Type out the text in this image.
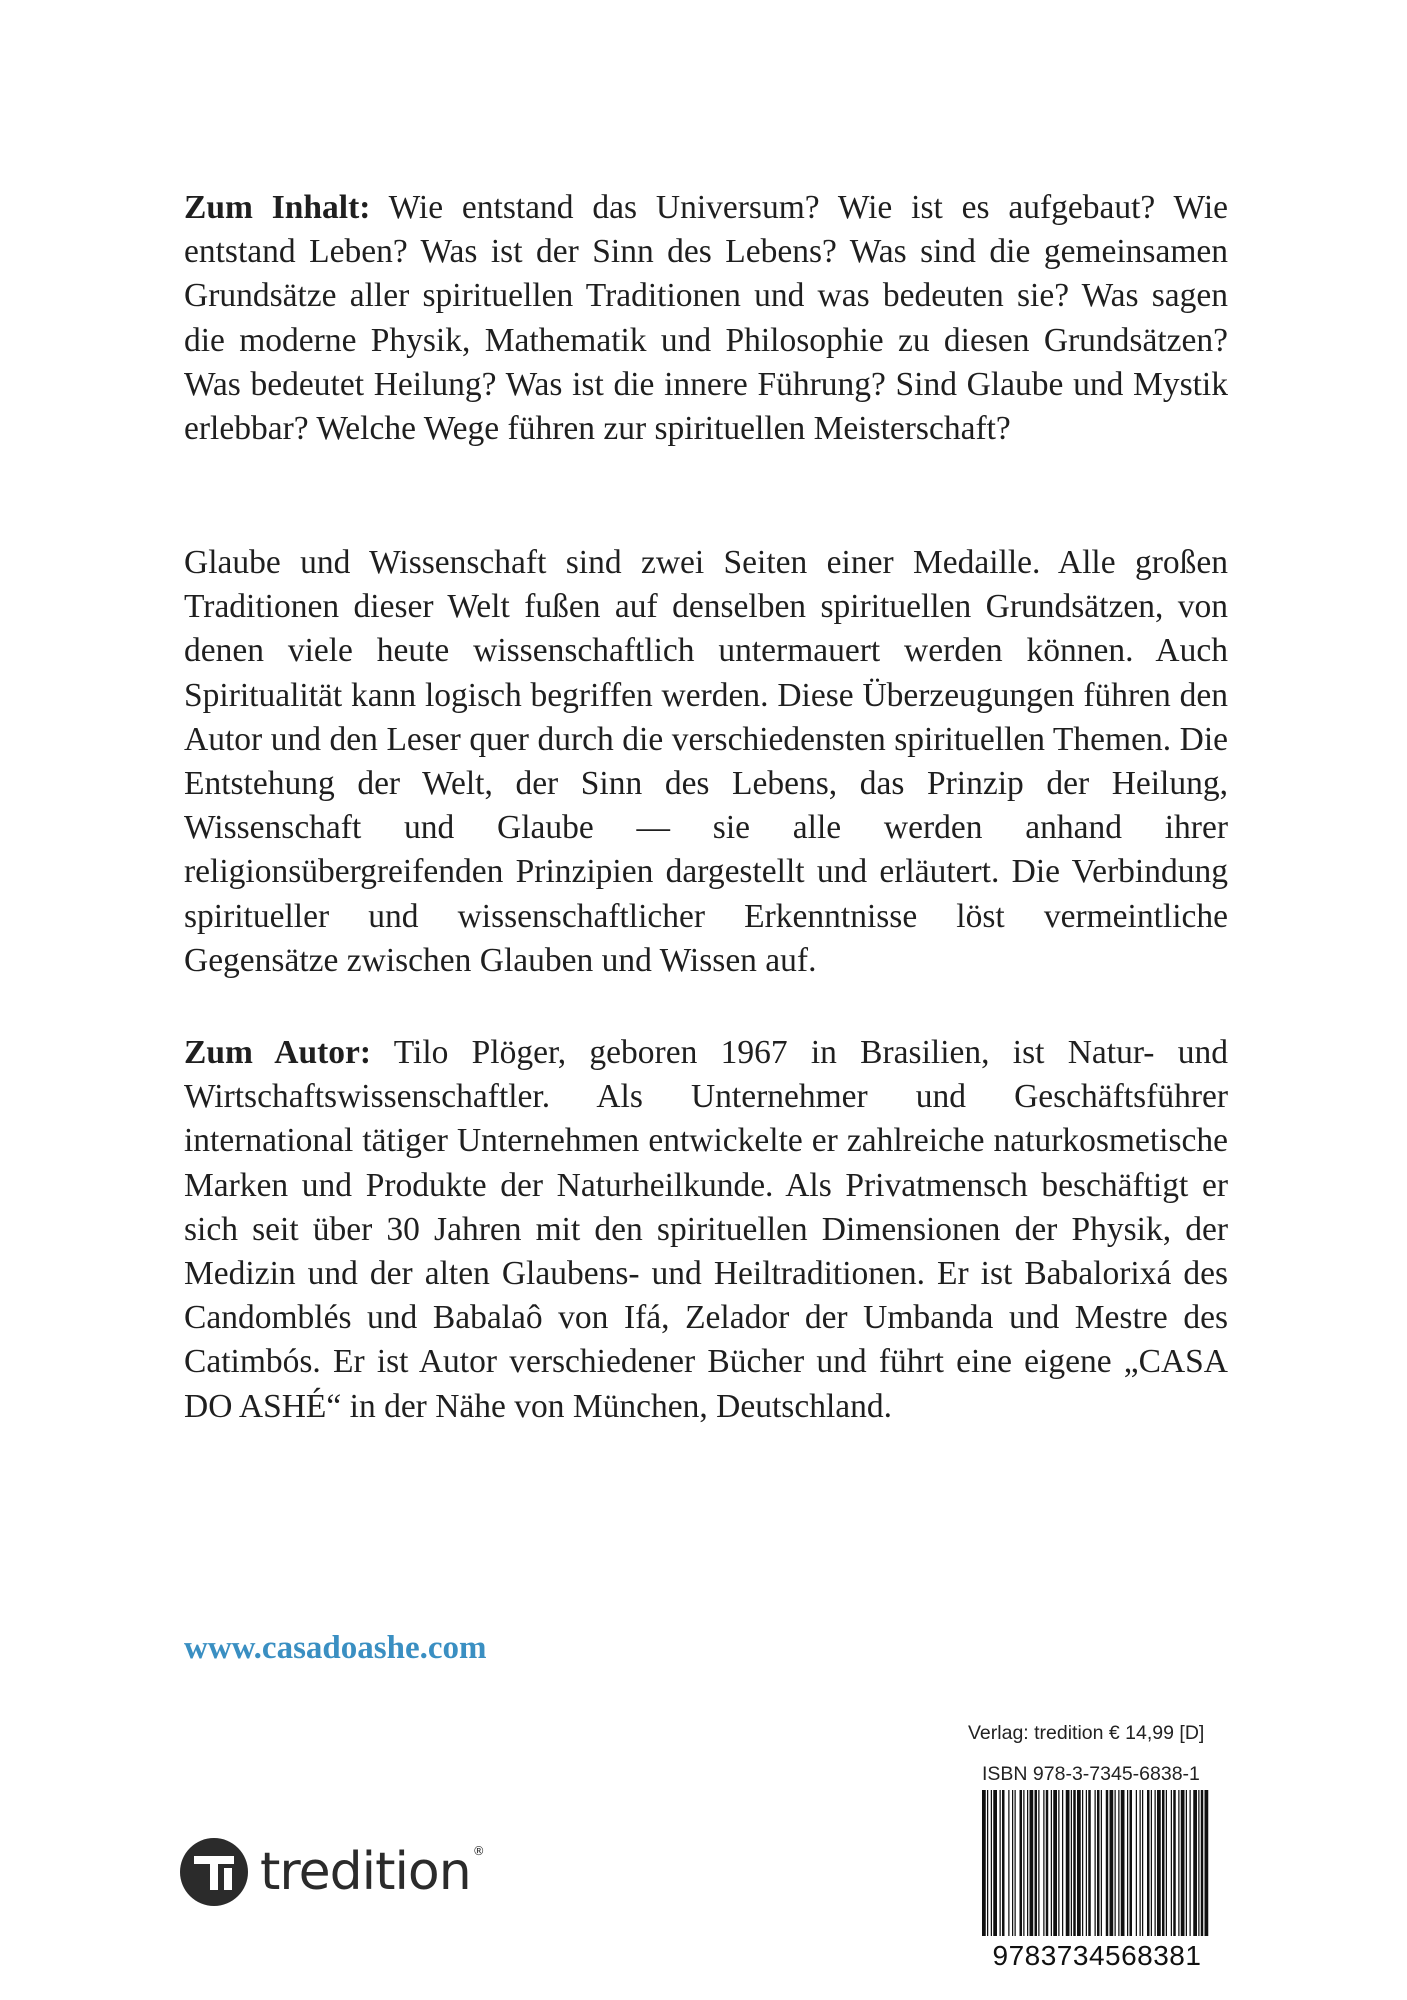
Zum Inhalt: Wie entstand das Universum? Wie ist es aufgebaut? Wie entstand Leben? Was ist der Sinn des Lebens? Was sind die gemeinsamen Grundsätze aller spirituellen Traditionen und was bedeuten sie? Was sagen die moderne Physik, Mathematik und Philosophie zu diesen Grundsätzen? Was bedeutet Heilung? Was ist die innere Führung? Sind Glaube und Mystik erlebbar? Welche Wege führen zur spirituellen Meisterschaft?
Glaube und Wissenschaft sind zwei Seiten einer Medaille. Alle großen Traditionen dieser Welt fußen auf denselben spirituellen Grundsätzen, von denen viele heute wissenschaftlich untermauert werden können. Auch Spiritualität kann logisch begriffen werden. Diese Überzeugungen führen den Autor und den Leser quer durch die verschiedensten spirituellen Themen. Die Entstehung der Welt, der Sinn des Lebens, das Prinzip der Heilung, Wissenschaft und Glaube — sie alle werden anhand ihrer religionsübergreifenden Prinzipien dargestellt und erläutert. Die Verbindung spiritueller und wissenschaftlicher Erkenntnisse löst vermeintliche Gegensätze zwischen Glauben und Wissen auf.
Zum Autor: Tilo Plöger, geboren 1967 in Brasilien, ist Natur- und Wirtschaftswissenschaftler. Als Unternehmer und Geschäftsführer international tätiger Unternehmen entwickelte er zahlreiche naturkosmetische Marken und Produkte der Naturheilkunde. Als Privatmensch beschäftigt er sich seit über 30 Jahren mit den spirituellen Dimensionen der Physik, der Medizin und der alten Glaubens- und Heiltraditionen. Er ist Babalorixá des Candomblés und Babalaô von Ifá, Zelador der Umbanda und Mestre des Catimbós. Er ist Autor verschiedener Bücher und führt eine eigene „CASA DO ASHÉ“ in der Nähe von München, Deutschland.
www.casadoashe.com
Verlag: tredition € 14,99 [D]
ISBN 978-3-7345-6838-1
9783734568381
tredition ®
